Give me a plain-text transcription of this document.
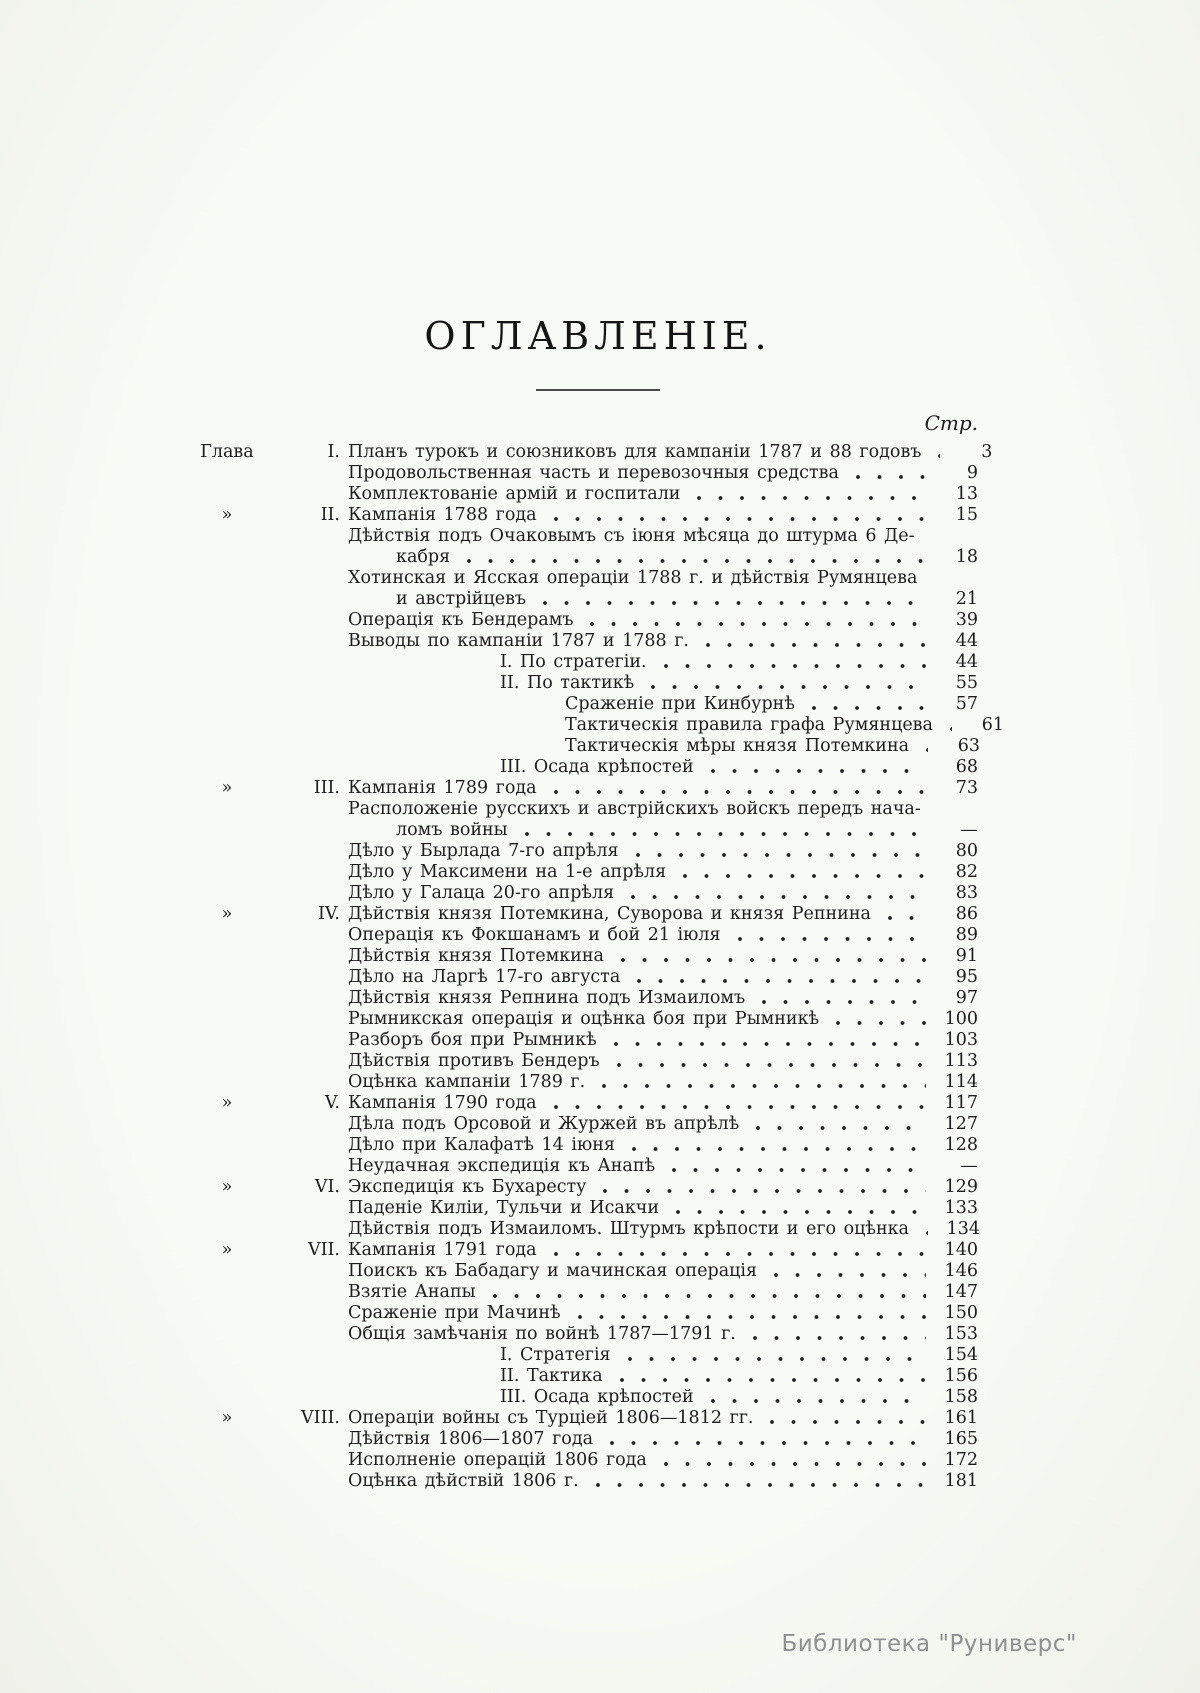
ОГЛАВЛЕНІЕ.
Стр.
Глава	I. Планъ турокъ и союзниковъ для кампаніи 1787 и 88 годовъ	3
Продовольственная часть и перевозочныя средства	9
Комплектованіе армій и госпитали	13
»	II. Кампанія 1788 года	15
Дѣйствія подъ Очаковымъ съ іюня мѣсяца до штурма 6 Де-
кабря	18
Хотинская и Ясская операціи 1788 г. и дѣйствія Румянцева
и австрійцевъ	21
Операція къ Бендерамъ	39
Выводы по кампаніи 1787 и 1788 г.	44
I. По стратегіи.	44
II. По тактикѣ	55
Сраженіе при Кинбурнѣ	57
Тактическія правила графа Румянцева	61
Тактическія мѣры князя Потемкина	63
III. Осада крѣпостей	68
»	III. Кампанія 1789 года	73
Расположеніе русскихъ и австрійскихъ войскъ передъ нача-
ломъ войны	—
Дѣло у Бырлада 7-го апрѣля	80
Дѣло у Максимени на 1-е апрѣля	82
Дѣло у Галаца 20-го апрѣля	83
»	IV. Дѣйствія князя Потемкина, Суворова и князя Репнина	86
Операція къ Фокшанамъ и бой 21 іюля	89
Дѣйствія князя Потемкина	91
Дѣло на Ларгѣ 17-го августа	95
Дѣйствія князя Репнина подъ Измаиломъ	97
Рымникская операція и оцѣнка боя при Рымникѣ	100
Разборъ боя при Рымникѣ	103
Дѣйствія противъ Бендеръ	113
Оцѣнка кампаніи 1789 г.	114
»	V. Кампанія 1790 года	117
Дѣла подъ Орсовой и Журжей въ апрѣлѣ	127
Дѣло при Калафатѣ 14 іюня	128
Неудачная экспедиція къ Анапѣ	—
»	VI. Экспедиція къ Бухаресту	129
Паденіе Киліи, Тульчи и Исакчи	133
Дѣйствія подъ Измаиломъ. Штурмъ крѣпости и его оцѣнка	134
»	VII. Кампанія 1791 года	140
Поискъ къ Бабадагу и мачинская операція	146
Взятіе Анапы	147
Сраженіе при Мачинѣ	150
Общія замѣчанія по войнѣ 1787—1791 г.	153
I. Стратегія	154
II. Тактика	156
III. Осада крѣпостей	158
»	VIII. Операціи войны съ Турціей 1806—1812 гг.	161
Дѣйствія 1806—1807 года	165
Исполненіе операцій 1806 года	172
Оцѣнка дѣйствій 1806 г.	181
Библиотека "Руниверс"
